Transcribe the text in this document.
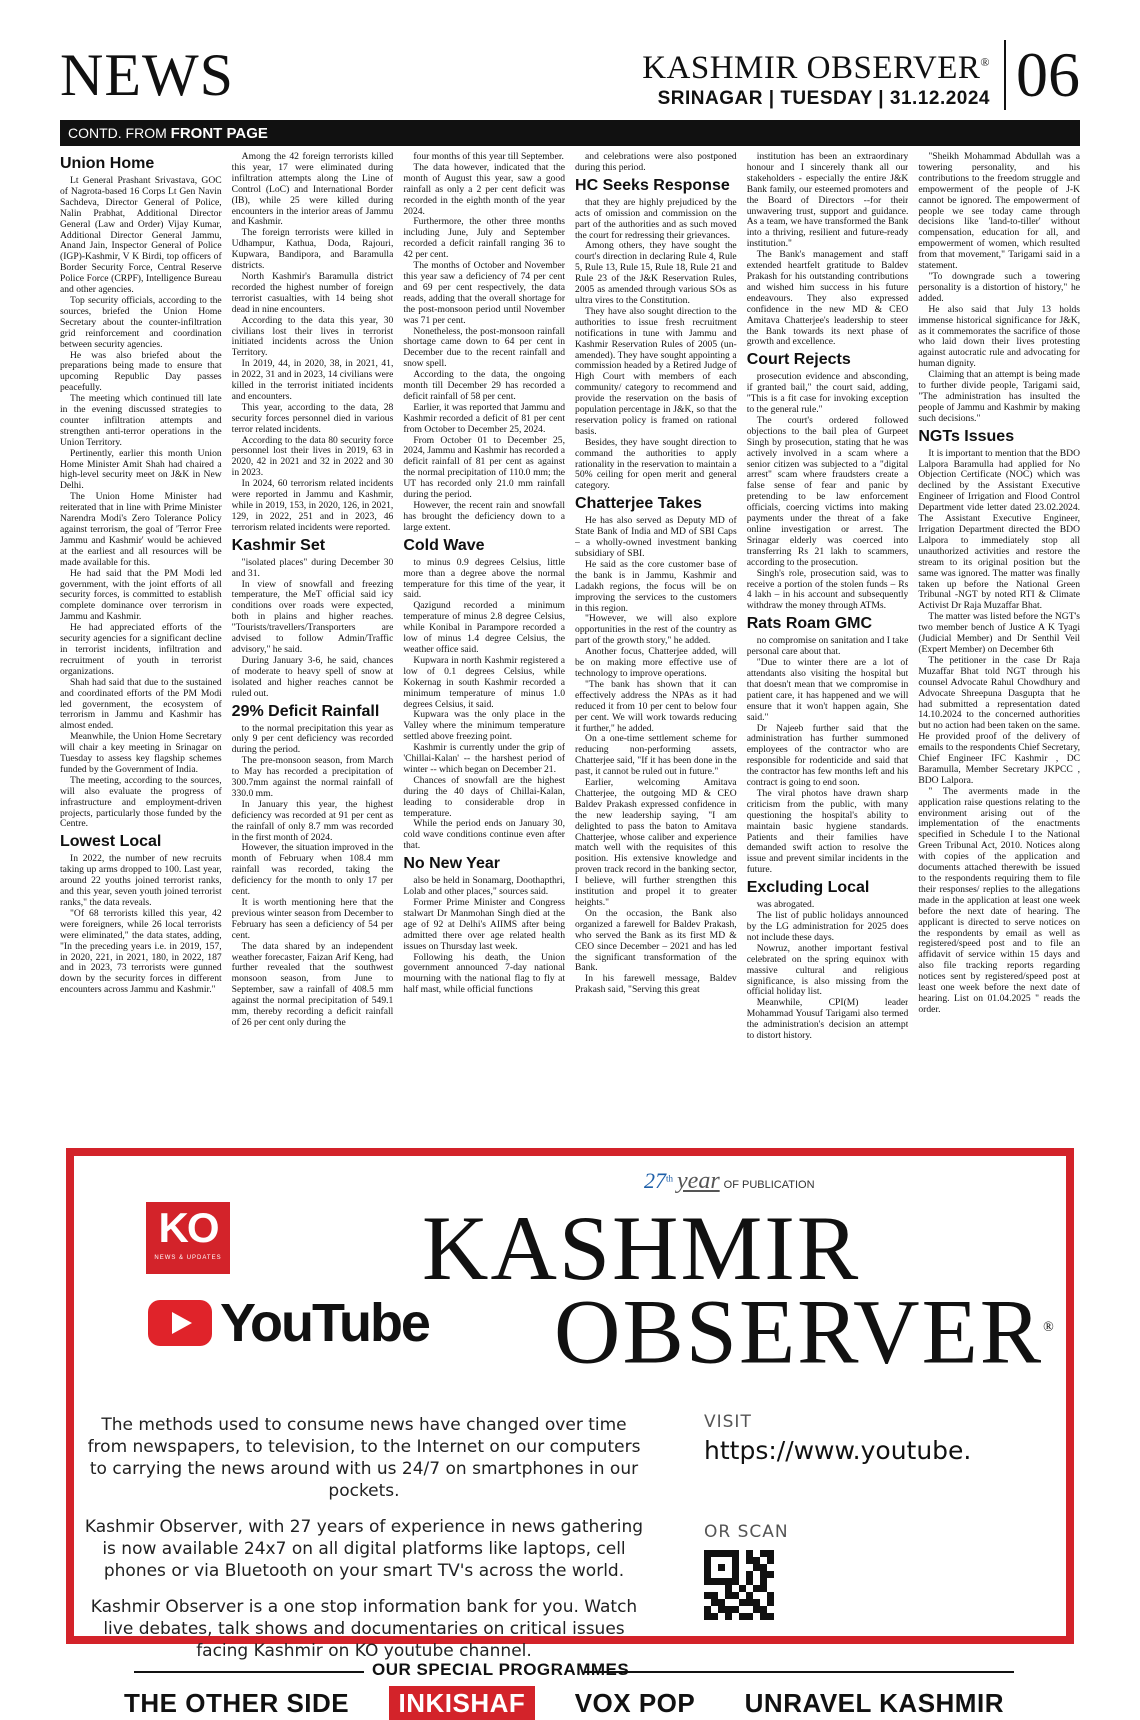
NEWS	KASHMIR OBSERVER®
SRINAGAR | TUESDAY | 31.12.2024 06
CONTD. FROM FRONT PAGE
Union Home

Lt General Prashant Srivastava, GOC of Nagrota-based 16 Corps Lt Gen Navin Sachdeva, Director General of Police, Nalin Prabhat, Additional Director General (Law and Order) Vijay Kumar, Additional Director General Jammu, Anand Jain, Inspector General of Police (IGP)-Kashmir, V K Birdi, top officers of Border Security Force, Central Reserve Police Force (CRPF), Intelligence Bureau and other agencies.

Top security officials, according to the sources, briefed the Union Home Secretary about the counter-infiltration grid reinforcement and coordination between security agencies.

He was also briefed about the preparations being made to ensure that upcoming Republic Day passes peacefully.

The meeting which continued till late in the evening discussed strategies to counter infiltration attempts and strengthen anti-terror operations in the Union Territory.

Pertinently, earlier this month Union Home Minister Amit Shah had chaired a high-level security meet on J&K in New Delhi.

The Union Home Minister had reiterated that in line with Prime Minister Narendra Modi's Zero Tolerance Policy against terrorism, the goal of 'Terror Free Jammu and Kashmir' would be achieved at the earliest and all resources will be made available for this.

He had said that the PM Modi led government, with the joint efforts of all security forces, is committed to establish complete dominance over terrorism in Jammu and Kashmir.

He had appreciated efforts of the security agencies for a significant decline in terrorist incidents, infiltration and recruitment of youth in terrorist organizations.

Shah had said that due to the sustained and coordinated efforts of the PM Modi led government, the ecosystem of terrorism in Jammu and Kashmir has almost ended.

Meanwhile, the Union Home Secretary will chair a key meeting in Srinagar on Tuesday to assess key flagship schemes funded by the Government of India.

The meeting, according to the sources, will also evaluate the progress of infrastructure and employment-driven projects, particularly those funded by the Centre.

Lowest Local

In 2022, the number of new recruits taking up arms dropped to 100. Last year, around 22 youths joined terrorist ranks, and this year, seven youth joined terrorist ranks," the data reveals.

"Of 68 terrorists killed this year, 42 were foreigners, while 26 local terrorists were eliminated," the data states, adding, "In the preceding years i.e. in 2019, 157, in 2020, 221, in 2021, 180, in 2022, 187 and in 2023, 73 terrorists were gunned down by the security forces in different encounters across Jammu and Kashmir."

Among the 42 foreign terrorists killed this year, 17 were eliminated during infiltration attempts along the Line of Control (LoC) and International Border (IB), while 25 were killed during encounters in the interior areas of Jammu and Kashmir.

The foreign terrorists were killed in Udhampur, Kathua, Doda, Rajouri, Kupwara, Bandipora, and Baramulla districts.

North Kashmir's Baramulla district recorded the highest number of foreign terrorist casualties, with 14 being shot dead in nine encounters.

According to the data this year, 30 civilians lost their lives in terrorist initiated incidents across the Union Territory.

In 2019, 44, in 2020, 38, in 2021, 41, in 2022, 31 and in 2023, 14 civilians were killed in the terrorist initiated incidents and encounters.

This year, according to the data, 28 security forces personnel died in various terror related incidents.

According to the data 80 security force personnel lost their lives in 2019, 63 in 2020, 42 in 2021 and 32 in 2022 and 30 in 2023.

In 2024, 60 terrorism related incidents were reported in Jammu and Kashmir, while in 2019, 153, in 2020, 126, in 2021, 129, in 2022, 251 and in 2023, 46 terrorism related incidents were reported.

Kashmir Set

"isolated places" during December 30 and 31.

In view of snowfall and freezing temperature, the MeT official said icy conditions over roads were expected, both in plains and higher reaches. "Tourists/travellers/Transporters are advised to follow Admin/Traffic advisory," he said.

During January 3-6, he said, chances of moderate to heavy spell of snow at isolated and higher reaches cannot be ruled out.

29% Deficit Rainfall

to the normal precipitation this year as only 9 per cent deficiency was recorded during the period.

The pre-monsoon season, from March to May has recorded a precipitation of 300.7mm against the normal rainfall of 330.0 mm.

In January this year, the highest deficiency was recorded at 91 per cent as the rainfall of only 8.7 mm was recorded in the first month of 2024.

However, the situation improved in the month of February when 108.4 mm rainfall was recorded, taking the deficiency for the month to only 17 per cent.

It is worth mentioning here that the previous winter season from December to February has seen a deficiency of 54 per cent.

The data shared by an independent weather forecaster, Faizan Arif Keng, had further revealed that the southwest monsoon season, from June to September, saw a rainfall of 408.5 mm against the normal precipitation of 549.1 mm, thereby recording a deficit rainfall of 26 per cent only during the

four months of this year till September.

The data however, indicated that the month of August this year, saw a good rainfall as only a 2 per cent deficit was recorded in the eighth month of the year 2024.

Furthermore, the other three months including June, July and September recorded a deficit rainfall ranging 36 to 42 per cent.

The months of October and November this year saw a deficiency of 74 per cent and 69 per cent respectively, the data reads, adding that the overall shortage for the post-monsoon period until November was 71 per cent.

Nonetheless, the post-monsoon rainfall shortage came down to 64 per cent in December due to the recent rainfall and snow spell.

According to the data, the ongoing month till December 29 has recorded a deficit rainfall of 58 per cent.

Earlier, it was reported that Jammu and Kashmir recorded a deficit of 81 per cent from October to December 25, 2024.

From October 01 to December 25, 2024, Jammu and Kashmir has recorded a deficit rainfall of 81 per cent as against the normal precipitation of 110.0 mm; the UT has recorded only 21.0 mm rainfall during the period.

However, the recent rain and snowfall has brought the deficiency down to a large extent.

Cold Wave

to minus 0.9 degrees Celsius, little more than a degree above the normal temperature for this time of the year, it said.

Qazigund recorded a minimum temperature of minus 2.8 degree Celsius, while Konibal in Parampore recorded a low of minus 1.4 degree Celsius, the weather office said.

Kupwara in north Kashmir registered a low of 0.1 degrees Celsius, while Kokernag in south Kashmir recorded a minimum temperature of minus 1.0 degrees Celsius, it said.

Kupwara was the only place in the Valley where the minimum temperature settled above freezing point.

Kashmir is currently under the grip of 'Chillai-Kalan' -- the harshest period of winter -- which began on December 21.

Chances of snowfall are the highest during the 40 days of Chillai-Kalan, leading to considerable drop in temperature.

While the period ends on January 30, cold wave conditions continue even after that.

No New Year

also be held in Sonamarg, Doothapthri, Lolab and other places," sources said.

Former Prime Minister and Congress stalwart Dr Manmohan Singh died at the age of 92 at Delhi's AIIMS after being admitted there over age related health issues on Thursday last week.

Following his death, the Union government announced 7-day national mourning with the national flag to fly at half mast, while official functions

and celebrations were also postponed during this period.

HC Seeks Response

that they are highly prejudiced by the acts of omission and commission on the part of the authorities and as such moved the court for redressing their grievances.

Among others, they have sought the court's direction in declaring Rule 4, Rule 5, Rule 13, Rule 15, Rule 18, Rule 21 and Rule 23 of the J&K Reservation Rules, 2005 as amended through various SOs as ultra vires to the Constitution.

They have also sought direction to the authorities to issue fresh recruitment notifications in tune with Jammu and Kashmir Reservation Rules of 2005 (un-amended). They have sought appointing a commission headed by a Retired Judge of High Court with members of each community/ category to recommend and provide the reservation on the basis of population percentage in J&K, so that the reservation policy is framed on rational basis.

Besides, they have sought direction to command the authorities to apply rationality in the reservation to maintain a 50% ceiling for open merit and general category.

Chatterjee Takes

He has also served as Deputy MD of State Bank of India and MD of SBI Caps – a wholly-owned investment banking subsidiary of SBI.

He said as the core customer base of the bank is in Jammu, Kashmir and Ladakh regions, the focus will be on improving the services to the customers in this region.

"However, we will also explore opportunities in the rest of the country as part of the growth story," he added.

Another focus, Chatterjee added, will be on making more effective use of technology to improve operations.

"The bank has shown that it can effectively address the NPAs as it had reduced it from 10 per cent to below four per cent. We will work towards reducing it further," he added.

On a one-time settlement scheme for reducing non-performing assets, Chatterjee said, "If it has been done in the past, it cannot be ruled out in future."

Earlier, welcoming Amitava Chatterjee, the outgoing MD & CEO Baldev Prakash expressed confidence in the new leadership saying, "I am delighted to pass the baton to Amitava Chatterjee, whose caliber and experience match well with the requisites of this position. His extensive knowledge and proven track record in the banking sector, I believe, will further strengthen this institution and propel it to greater heights."

On the occasion, the Bank also organized a farewell for Baldev Prakash, who served the Bank as its first MD & CEO since December – 2021 and has led the significant transformation of the Bank.

In his farewell message, Baldev Prakash said, "Serving this great

institution has been an extraordinary honour and I sincerely thank all our stakeholders - especially the entire J&K Bank family, our esteemed promoters and the Board of Directors --for their unwavering trust, support and guidance. As a team, we have transformed the Bank into a thriving, resilient and future-ready institution."

The Bank's management and staff extended heartfelt gratitude to Baldev Prakash for his outstanding contributions and wished him success in his future endeavours. They also expressed confidence in the new MD & CEO Amitava Chatterjee's leadership to steer the Bank towards its next phase of growth and excellence.

Court Rejects

prosecution evidence and absconding, if granted bail," the court said, adding, "This is a fit case for invoking exception to the general rule."

The court's ordered followed objections to the bail plea of Gurpeet Singh by prosecution, stating that he was actively involved in a scam where a senior citizen was subjected to a "digital arrest" scam where fraudsters create a false sense of fear and panic by pretending to be law enforcement officials, coercing victims into making payments under the threat of a fake online investigation or arrest. The Srinagar elderly was coerced into transferring Rs 21 lakh to scammers, according to the prosecution.

Singh's role, prosecution said, was to receive a portion of the stolen funds – Rs 4 lakh – in his account and subsequently withdraw the money through ATMs.

Rats Roam GMC

no compromise on sanitation and I take personal care about that.

"Due to winter there are a lot of attendants also visiting the hospital but that doesn't mean that we compromise in patient care, it has happened and we will ensure that it won't happen again, She said."

Dr Najeeb further said that the administration has further summoned employees of the contractor who are responsible for rodenticide and said that the contractor has few months left and his contract is going to end soon.

The viral photos have drawn sharp criticism from the public, with many questioning the hospital's ability to maintain basic hygiene standards. Patients and their families have demanded swift action to resolve the issue and prevent similar incidents in the future.

Excluding Local

was abrogated.

The list of public holidays announced by the LG administration for 2025 does not include these days.

Nowruz, another important festival celebrated on the spring equinox with massive cultural and religious significance, is also missing from the official holiday list.

Meanwhile, CPI(M) leader Mohammad Yousuf Tarigami also termed the administration's decision an attempt to distort history.

"Sheikh Mohammad Abdullah was a towering personality, and his contributions to the freedom struggle and empowerment of the people of J-K cannot be ignored. The empowerment of people we see today came through decisions like 'land-to-tiller' without compensation, education for all, and empowerment of women, which resulted from that movement," Tarigami said in a statement.

"To downgrade such a towering personality is a distortion of history," he added.

He also said that July 13 holds immense historical significance for J&K, as it commemorates the sacrifice of those who laid down their lives protesting against autocratic rule and advocating for human dignity.

Claiming that an attempt is being made to further divide people, Tarigami said, "The administration has insulted the people of Jammu and Kashmir by making such decisions."

NGTs Issues

It is important to mention that the BDO Lalpora Baramulla had applied for No Objection Certificate (NOC) which was declined by the Assistant Executive Engineer of Irrigation and Flood Control Department vide letter dated 23.02.2024. The Assistant Executive Engineer, Irrigation Department directed the BDO Lalpora to immediately stop all unauthorized activities and restore the stream to its original position but the same was ignored. The matter was finally taken up before the National Green Tribunal -NGT by noted RTI & Climate Activist Dr Raja Muzaffar Bhat.

The matter was listed before the NGT's two member bench of Justice A K Tyagi (Judicial Member) and Dr Senthil Veil (Expert Member) on December 6th

The petitioner in the case Dr Raja Muzaffar Bhat told NGT through his counsel Advocate Rahul Chowdhury and Advocate Shreepuna Dasgupta that he had submitted a representation dated 14.10.2024 to the concerned authorities but no action had been taken on the same. He provided proof of the delivery of emails to the respondents Chief Secretary, Chief Engineer IFC Kashmir , DC Baramulla, Member Secretary JKPCC , BDO Lalpora.

" The averments made in the application raise questions relating to the environment arising out of the implementation of the enactments specified in Schedule I to the National Green Tribunal Act, 2010. Notices along with copies of the application and documents attached therewith be issued to the respondents requiring them to file their responses/ replies to the allegations made in the application at least one week before the next date of hearing. The applicant is directed to serve notices on the respondents by email as well as registered/speed post and to file an affidavit of service within 15 days and also file tracking reports regarding notices sent by registered/speed post at least one week before the next date of hearing. List on 01.04.2025 " reads the order.

KO
NEWS & UPDATES
YouTube
27th year OF PUBLICATION
KASHMIR
OBSERVER®

The methods used to consume news have changed over time from newspapers, to television, to the Internet on our computers to carrying the news around with us 24/7 on smartphones in our pockets.

Kashmir Observer, with 27 years of experience in news gathering is now available 24x7 on all digital platforms like laptops, cell phones or via Bluetooth on your smart TV's across the world.

Kashmir Observer is a one stop information bank for you. Watch live debates, talk shows and documentaries on critical issues facing Kashmir on KO youtube channel.

VISIT
https://www.youtube.
OR SCAN
OUR SPECIAL PROGRAMMES
THE OTHER SIDE	INKISHAF	VOX POP	UNRAVEL KASHMIR
